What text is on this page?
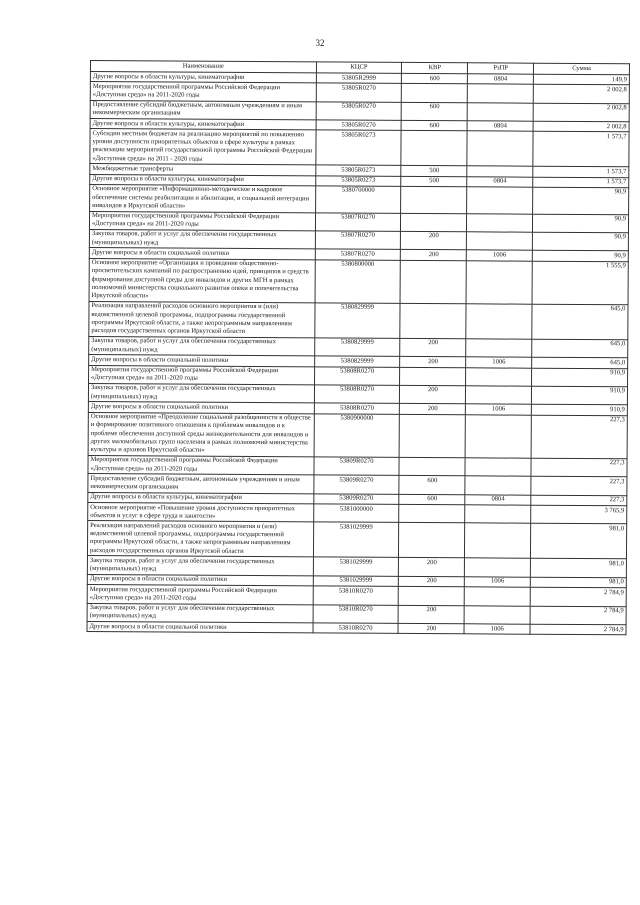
32
Наименование	КЦСР	КВР	РзПР	Сумма
Другие вопросы в области культуры, кинематографии	53805R2999	600	0804	149,9
Мероприятия государственной программы Российской Федерации «Доступная среда» на 2011-2020 годы	53805R0270			2 002,8
Предоставление субсидий бюджетным, автономным учреждениям и иным некоммерческим организациям	53805R0270	600		2 002,8
Другие вопросы в области культуры, кинематографии	53805R0270	600	0804	2 002,8
Субсидии местным бюджетам на реализацию мероприятий по повышению уровня доступности приоритетных объектов в сфере культуры в рамках реализации мероприятий государственной программы Российской Федерации «Доступная среда» на 2011 - 2020 годы	53805R0273			1 573,7
Межбюджетные трансферты	53805R0273	500		1 573,7
Другие вопросы в области культуры, кинематографии	53805R0273	500	0804	1 573,7
Основное мероприятие «Информационно-методическое и кадровое обеспечение системы реабилитации и абилитации, и социальной интеграции инвалидов в Иркутской области»	5380700000			90,9
Мероприятия государственной программы Российской Федерации «Доступная среда» на 2011-2020 годы	53807R0270			90,9
Закупка товаров, работ и услуг для обеспечения государственных (муниципальных) нужд	53807R0270	200		90,9
Другие вопросы в области социальной политики	53807R0270	200	1006	90,9
Основное мероприятие «Организация и проведение общественно-просветительских кампаний по распространению идей, принципов и средств формирования доступной среды для инвалидов и других МГН в рамках полномочий министерства социального развития опеки и попечительства Иркутской области»	5380800000			1 555,9
Реализация направлений расходов основного мероприятия и (или) ведомственной целевой программы, подпрограммы государственной программы Иркутской области, а также непрограммным направлениям расходов государственных органов Иркутской области	5380829999			645,0
Закупка товаров, работ и услуг для обеспечения государственных (муниципальных) нужд	5380829999	200		645,0
Другие вопросы в области социальной политики	5380829999	200	1006	645,0
Мероприятия государственной программы Российской Федерации «Доступная среда» на 2011-2020 годы	53808R0270			910,9
Закупка товаров, работ и услуг для обеспечения государственных (муниципальных) нужд	53808R0270	200		910,9
Другие вопросы в области социальной политики	53808R0270	200	1006	910,9
Основное мероприятие «Преодоление социальной разобщенности в обществе и формирование позитивного отношения к проблемам инвалидов и к проблеме обеспечения доступной среды жизнедеятельности для инвалидов и других маломобильных групп населения в рамках полномочий министерства культуры и архивов Иркутской области»	5380900000			227,3
Мероприятия государственной программы Российской Федерации «Доступная среда» на 2011-2020 годы	53809R0270			227,3
Предоставление субсидий бюджетным, автономным учреждениям и иным некоммерческим организациям	53809R0270	600		227,3
Другие вопросы в области культуры, кинематографии	53809R0270	600	0804	227,3
Основное мероприятие «Повышение уровня доступности приоритетных объектов и услуг в сфере труда и занятости»	5381000000			3 765,9
Реализация направлений расходов основного мероприятия и (или) ведомственной целевой программы, подпрограммы государственной программы Иркутской области, а также непрограммным направлениям расходов государственных органов Иркутской области	5381029999			981,0
Закупка товаров, работ и услуг для обеспечения государственных (муниципальных) нужд	5381029999	200		981,0
Другие вопросы в области социальной политики	5381029999	200	1006	981,0
Мероприятия государственной программы Российской Федерации «Доступная среда» на 2011-2020 годы	53810R0270			2 784,9
Закупка товаров, работ и услуг для обеспечения государственных (муниципальных) нужд	53810R0270	200		2 784,9
Другие вопросы в области социальной политики	53810R0270	200	1006	2 784,9
